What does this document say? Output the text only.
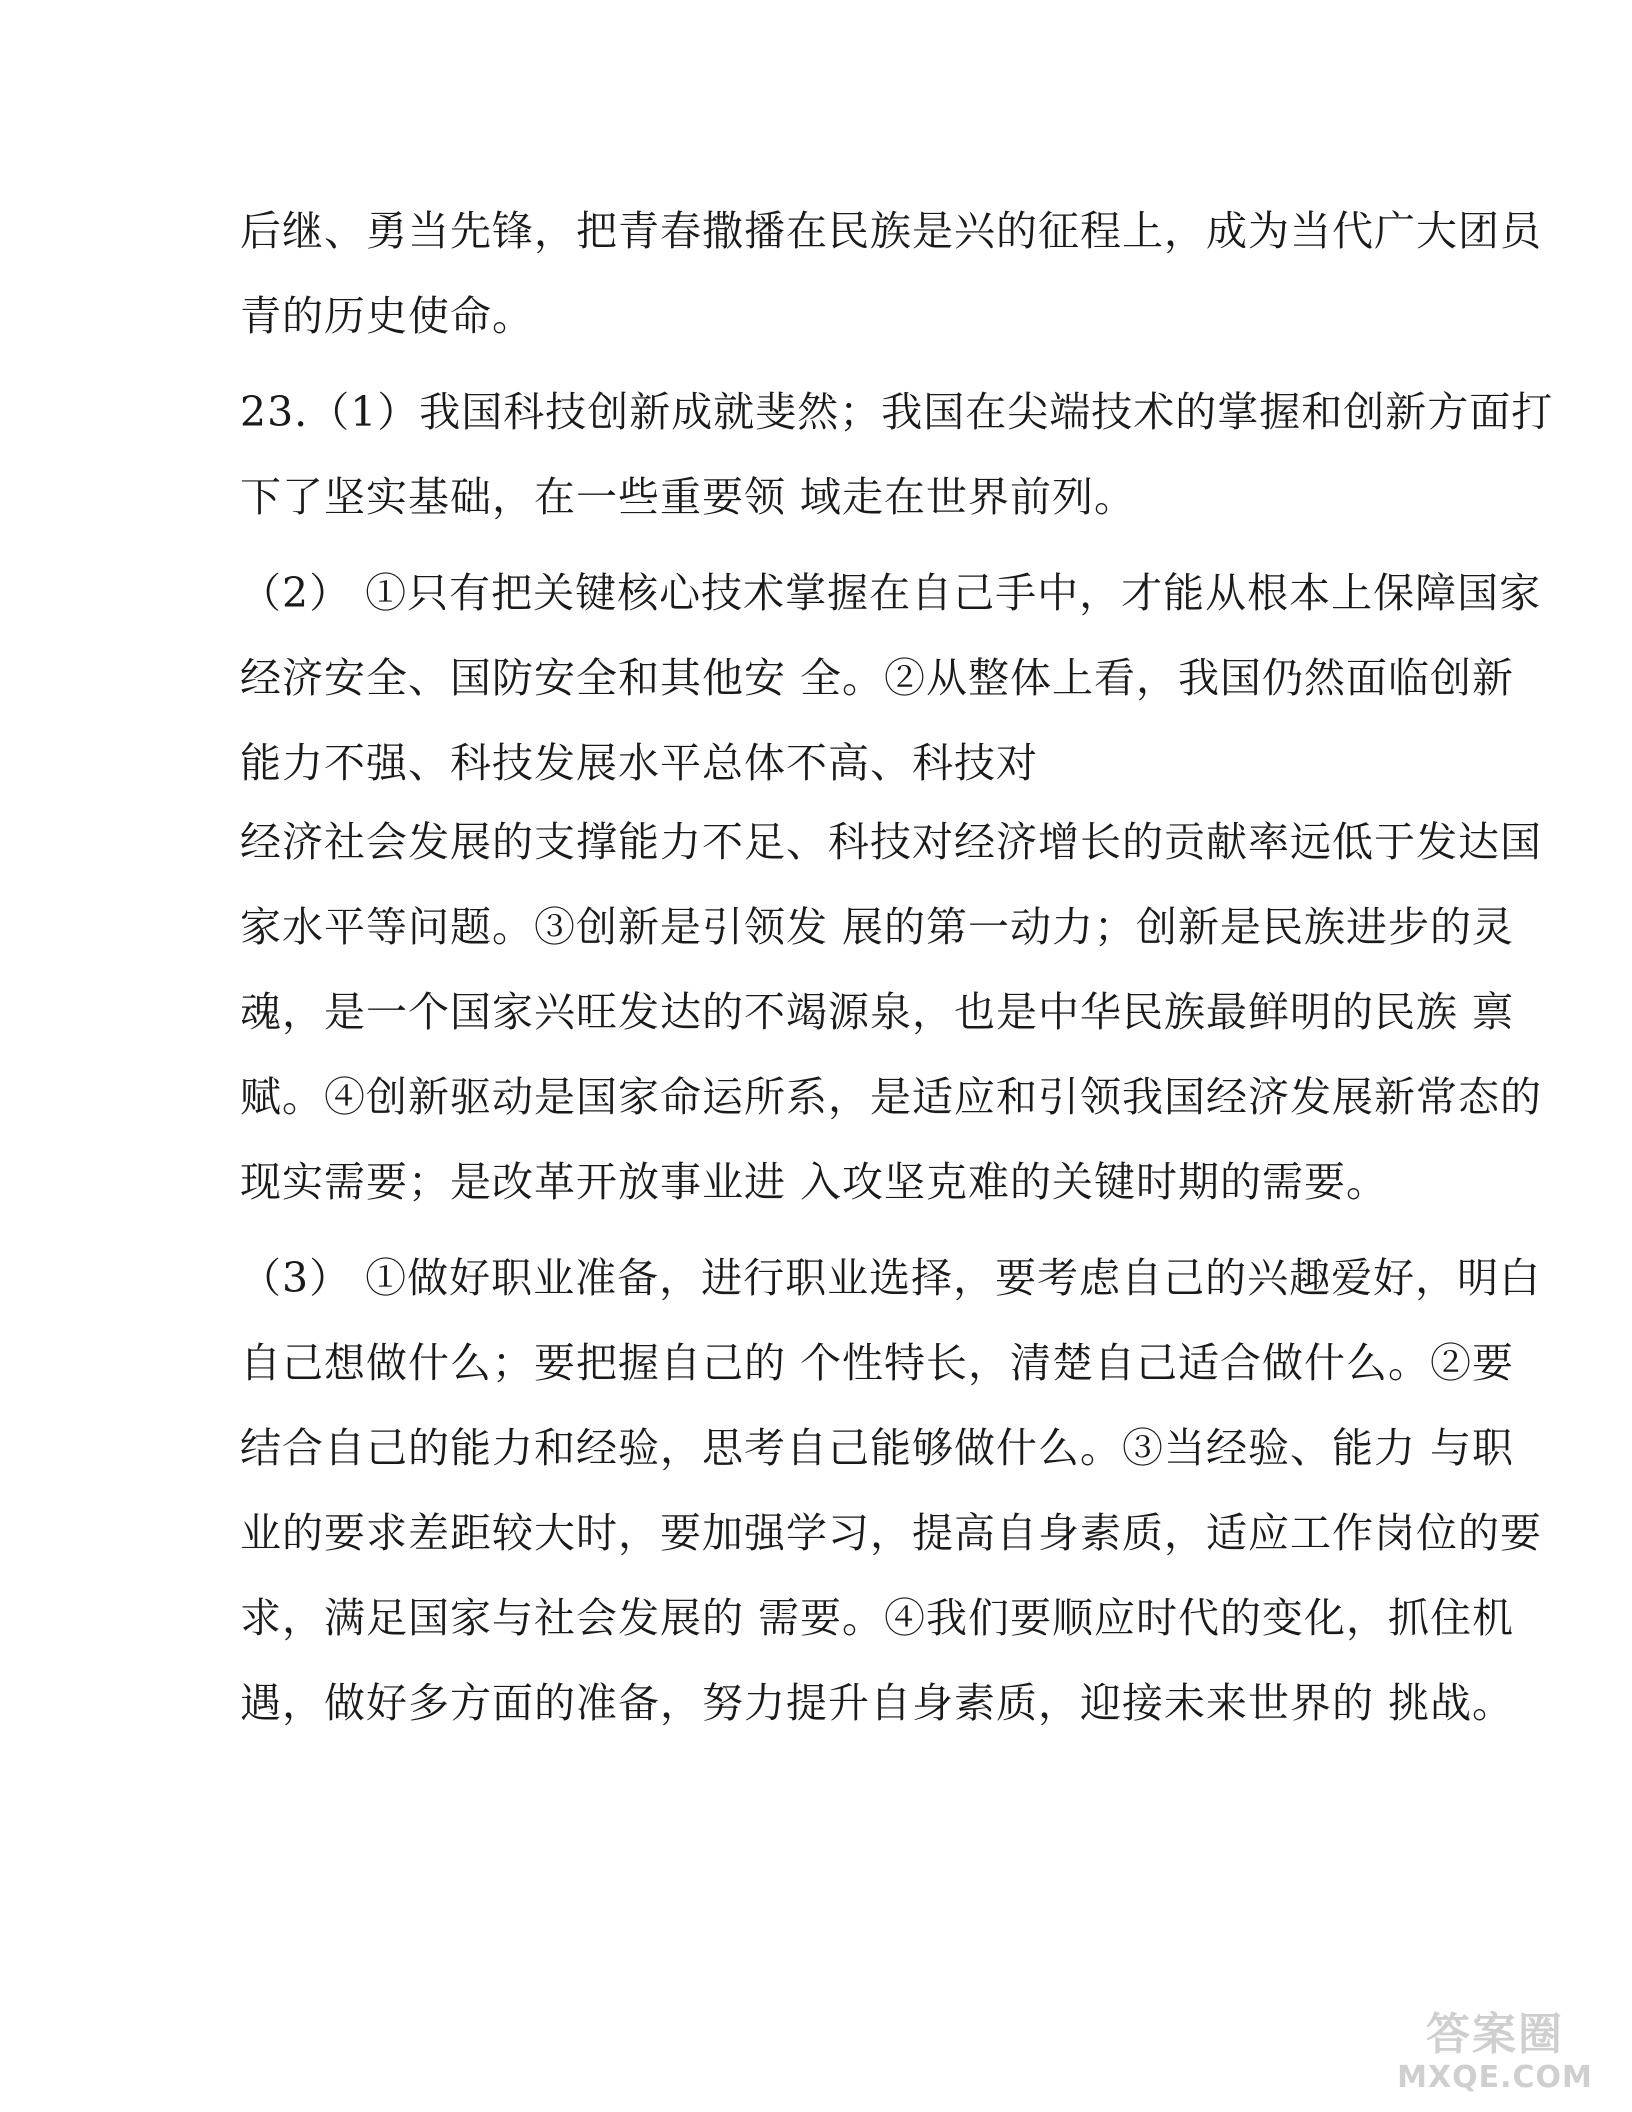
后继、勇当先锋，把青春撒播在民族是兴的征程上，成为当代广大团员
青的历史使命。
23.（1）我国科技创新成就斐然；我国在尖端技术的掌握和创新方面打
下了坚实基础，在一些重要领 域走在世界前列。
（2） ①只有把关键核心技术掌握在自己手中，才能从根本上保障国家
经济安全、国防安全和其他安 全。②从整体上看，我国仍然面临创新
能力不强、科技发展水平总体不高、科技对
经济社会发展的支撑能力不足、科技对经济增长的贡献率远低于发达国
家水平等问题。③创新是引领发 展的第一动力；创新是民族进步的灵
魂，是一个国家兴旺发达的不竭源泉，也是中华民族最鲜明的民族 禀
赋。④创新驱动是国家命运所系，是适应和引领我国经济发展新常态的
现实需要；是改革开放事业进 入攻坚克难的关键时期的需要。
（3） ①做好职业准备，进行职业选择，要考虑自己的兴趣爱好，明白
自己想做什么；要把握自己的 个性特长，清楚自己适合做什么。②要
结合自己的能力和经验，思考自己能够做什么。③当经验、能力 与职
业的要求差距较大时，要加强学习，提高自身素质，适应工作岗位的要
求，满足国家与社会发展的 需要。④我们要顺应时代的变化，抓住机
遇，做好多方面的准备，努力提升自身素质，迎接未来世界的 挑战。
答案圈
MXQE.COM
